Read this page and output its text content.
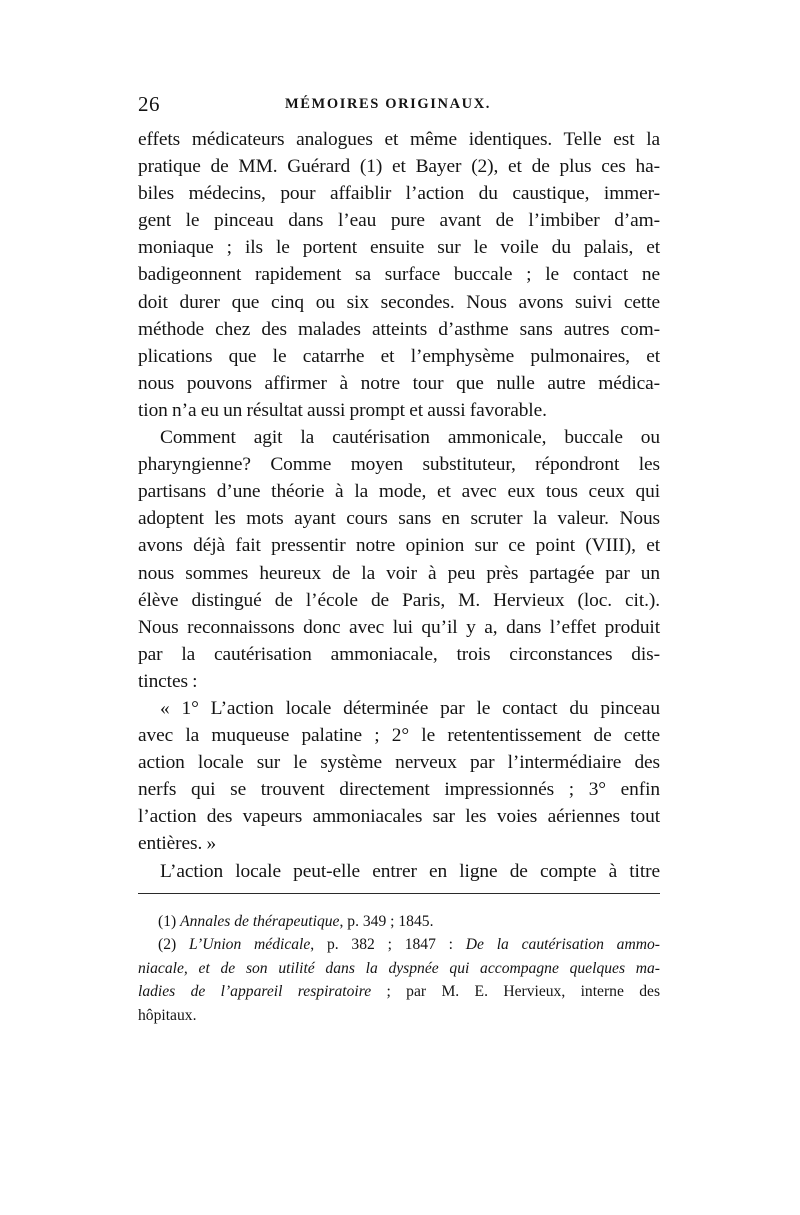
26	MÉMOIRES ORIGINAUX.

effets médicateurs analogues et même identiques. Telle est la
pratique de MM. Guérard (1) et Bayer (2), et de plus ces ha-
biles médecins, pour affaiblir l’action du caustique, immer-
gent le pinceau dans l’eau pure avant de l’imbiber d’am-
moniaque ; ils le portent ensuite sur le voile du palais, et
badigeonnent rapidement sa surface buccale ; le contact ne
doit durer que cinq ou six secondes. Nous avons suivi cette
méthode chez des malades atteints d’asthme sans autres com-
plications que le catarrhe et l’emphysème pulmonaires, et
nous pouvons affirmer à notre tour que nulle autre médica-
tion n’a eu un résultat aussi prompt et aussi favorable.

Comment agit la cautérisation ammonicale, buccale ou
pharyngienne? Comme moyen substituteur, répondront les
partisans d’une théorie à la mode, et avec eux tous ceux qui
adoptent les mots ayant cours sans en scruter la valeur. Nous
avons déjà fait pressentir notre opinion sur ce point (VIII), et
nous sommes heureux de la voir à peu près partagée par un
élève distingué de l’école de Paris, M. Hervieux (loc. cit.).
Nous reconnaissons donc avec lui qu’il y a, dans l’effet produit
par la cautérisation ammoniacale, trois circonstances dis-
tinctes :

« 1° L’action locale déterminée par le contact du pinceau
avec la muqueuse palatine ; 2° le retententissement de cette
action locale sur le système nerveux par l’intermédiaire des
nerfs qui se trouvent directement impressionnés ; 3° enfin
l’action des vapeurs ammoniacales sar les voies aériennes tout
entières. »

L’action locale peut-elle entrer en ligne de compte à titre

(1) Annales de thérapeutique, p. 349 ; 1845.

(2) L’Union médicale, p. 382 ; 1847 : De la cautérisation ammo-
niacale, et de son utilité dans la dyspnée qui accompagne quelques ma-
ladies de l’appareil respiratoire ; par M. E. Hervieux, interne des
hôpitaux.
